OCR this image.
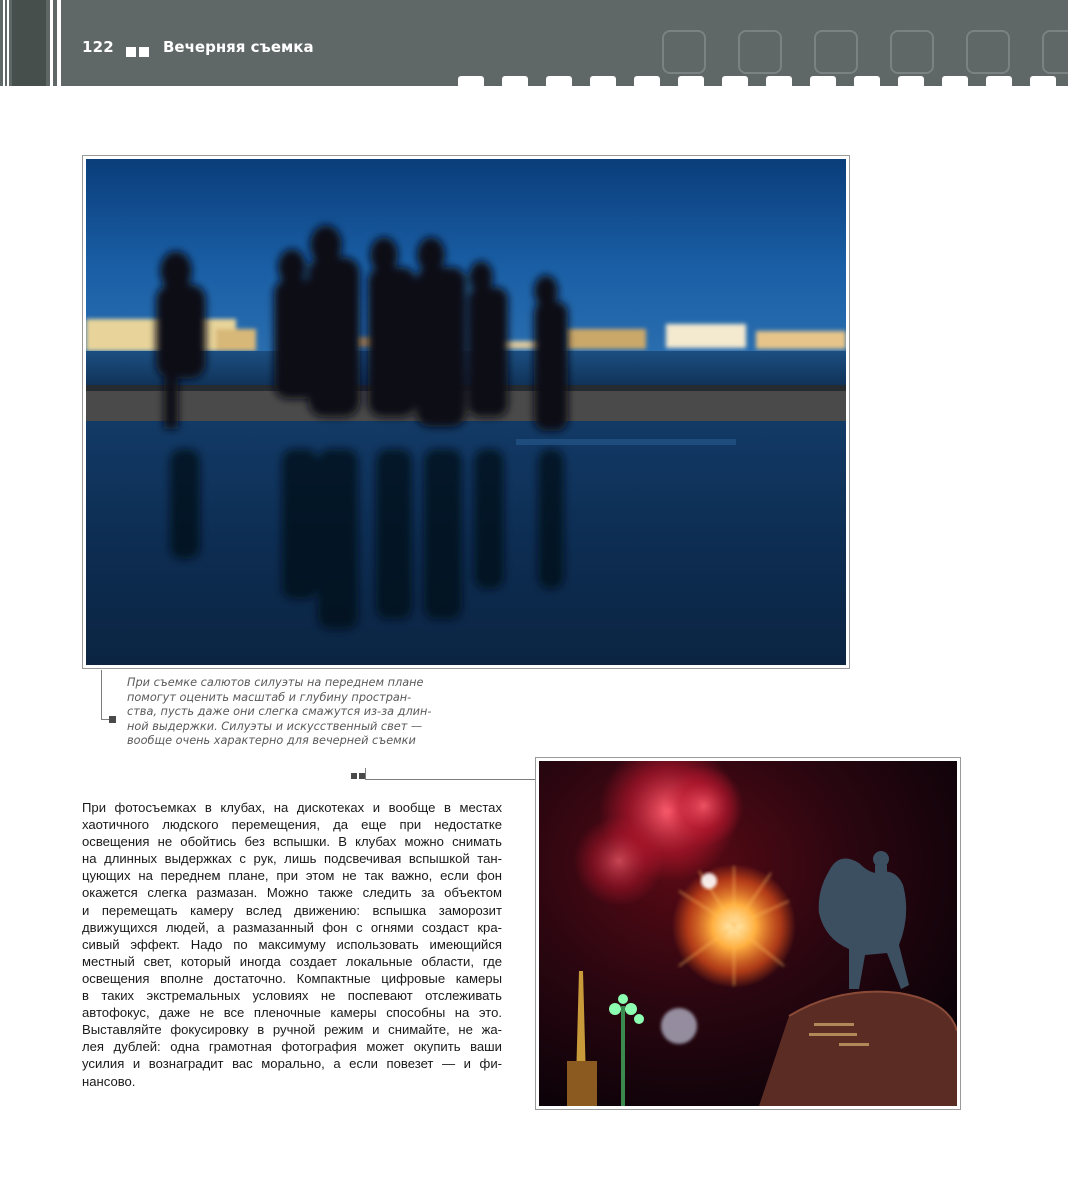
122	Вечерняя съемка
При съемке салютов силуэты на переднем плане
помогут оценить масштаб и глубину простран-
ства, пусть даже они слегка смажутся из-за длин-
ной выдержки. Силуэты и искусственный свет —
вообще очень характерно для вечерней съемки
При фотосъемках в клубах, на дискотеках и вообще в местах
хаотичного людского перемещения, да еще при недостатке
освещения не обойтись без вспышки. В клубах можно снимать
на длинных выдержках с рук, лишь подсвечивая вспышкой тан-
цующих на переднем плане, при этом не так важно, если фон
окажется слегка размазан. Можно также следить за объектом
и перемещать камеру вслед движению: вспышка заморозит
движущихся людей, а размазанный фон с огнями создаст кра-
сивый эффект. Надо по максимуму использовать имеющийся
местный свет, который иногда создает локальные области, где
освещения вполне достаточно. Компактные цифровые камеры
в таких экстремальных условиях не поспевают отслеживать
автофокус, даже не все пленочные камеры способны на это.
Выставляйте фокусировку в ручной режим и снимайте, не жа-
лея дублей: одна грамотная фотография может окупить ваши
усилия и вознаградит вас морально, а если повезет — и фи-
нансово.
